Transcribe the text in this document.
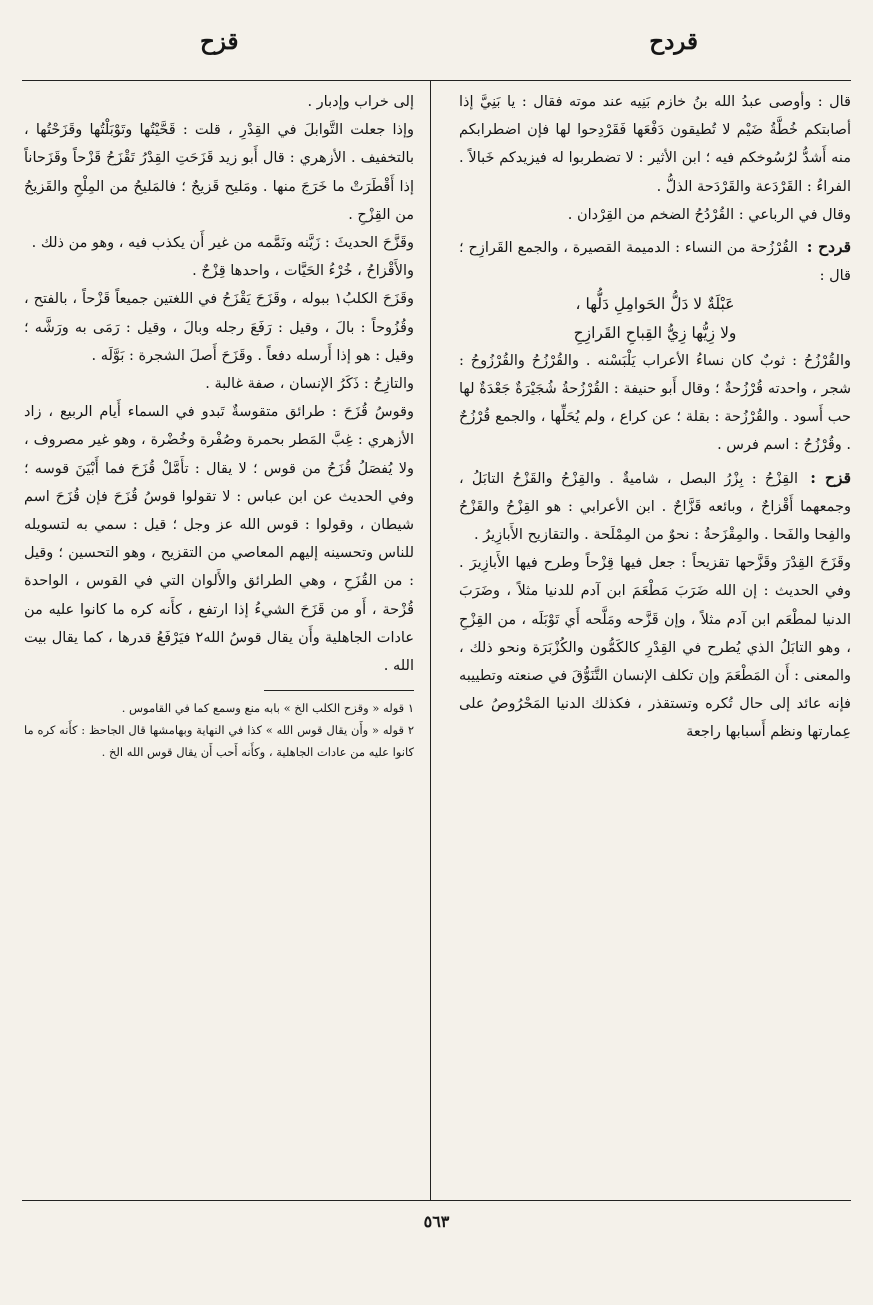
قردح
قزح

قال : وأوصى عبدُ الله بنُ خازم بَنِيه عند موته فقال : يا بَنِيَّ إذا أصابتكم خُطَّةُ ضَيْم لا تُطيقون دَفْعَها فَقَرْدِحوا لها فإن اضطرابكم منه أَشدُّ لرُسُوخكم فيه ؛ ابن الأثير : لا تضطربوا له فيزيدكم خَبالاً . الفراءُ : القَرْدَعة والقَرْدَحة الذلُّ .

وقال في الرباعي : القُرْدُحُ الضخم من القِرْدان .

قردح : القُرْزُحة من النساء : الدميمة القصيرة ، والجمع القَرازِح ؛ قال :

عَبْلَةٌ لا دَلُّ الحَوامِلِ دَلُّها ،

ولا زِيُّها زِيُّ القِباحِ القَرازِحِ

والقُرْزُحُ : ثوبٌ كان نساءُ الأعراب يَلْبَسْنه . والقُرْزُحُ والقُرْزُوحُ : شجر ، واحدته قُرْزُحةٌ ؛ وقال أَبو حنيفة : القُرْزُحةُ شُجَيْرَةٌ جَعْدَةٌ لها حب أَسود . والقُرْزُحة : بقلة ؛ عن كراع ، ولم يُحَلِّها ، والجمع قُرْزُحٌ . وقُرْزُحُ : اسم فرس .

قزح : القِزْحُ : بِزْرُ البصل ، شاميةٌ . والقِزْحُ والقَزْحُ التابَلُ ، وجمعهما أَقْزاحٌ ، وبائعه قَزَّاحٌ . ابن الأعرابي : هو القِزْحُ والقَزْحُ والفِحا والفَحا . والمِقْزَحةُ : نحوٌ من المِمْلَحة . والتقازيح الأَبازِيرُ .

وقَزَحَ القِدْرَ وقَزَّحها تقزيحاً : جعل فيها قِزْحاً وطرح فيها الأَبازِيرَ . وفي الحديث : إن الله ضَرَبَ مَطْعَمَ ابن آدم للدنيا مثلاً ، وضَرَبَ الدنيا لمطْعَم ابن آدم مثلاً ، وإن قَزَّحه ومَلَّحه أَي تَوْبَلَه ، من القِزْحِ ، وهو التابَلُ الذي يُطرح في القِدْرِ كالكَمُّون والكُزْبَرَة ونحو ذلك ، والمعنى : أَن المَطْعَمَ وإن تكلف الإنسان التَّنَوُّقَ في صنعته وتطييبه فإنه عائد إلى حال تُكره وتستقذر ، فكذلك الدنيا المَحْرُوصُ على عِمارتها ونظم أَسبابها راجعة

إلى خراب وإدبار .

وإذا جعلت التَّوابلَ في القِدْرِ ، قلت : قَحَّيْتُها وتَوْبَلْتُها وقَزَحْتُها ، بالتخفيف . الأزهري : قال أَبو زيد قَزَحَتِ القِدْرُ تَقْزَحُ قَزْحاً وقَزَحاناً إذا أَقْطَرَتْ ما خَرَجَ منها . ومَليح قَزيحٌ ؛ فالمَليحُ من المِلْحِ والقَزيحُ من القِزْحِ .

وقَزَّحَ الحديثَ : زَيَّنه ونَمَّمه من غير أَن يكذب فيه ، وهو من ذلك .

والأَقْزاحُ ، خُرْءُ الحَيَّات ، واحدها قِزْحٌ .

وقَزَحَ الكلبُ١ ببوله ، وقَزَحَ يَقْزَحُ في اللغتين جميعاً قَزْحاً ، بالفتح ، وقُزُوحاً : بالَ ، وقيل : رَفَعَ رجله وبالَ ، وقيل : رَمَى به ورَشَّه ؛ وقيل : هو إذا أَرسله دفعاً . وقَزَحَ أَصلَ الشجرة : بَوَّلَه .

والتازِحُ : ذَكَرُ الإنسان ، صفة غالبة .

وقوسُ قُزَحَ : طرائق متقوسةٌ تَبدو في السماء أَيام الربيع ، زاد الأزهري : غِبَّ المَطر بحمرة وصُفْرة وخُضْرة ، وهو غير مصروف ، ولا يُفصَلُ قُزَحُ من قوس ؛ لا يقال : تأَمَّلْ قُزَحَ فما أَبْيَنَ قوسه ؛ وفي الحديث عن ابن عباس : لا تقولوا قوسُ قُزَحَ فإن قُزَحَ اسم شيطان ، وقولوا : قوس الله عز وجل ؛ قيل : سمي به لتسويله للناس وتحسينه إليهم المعاصي من التقزيح ، وهو التحسين ؛ وقيل : من القُزَحِ ، وهي الطرائق والأَلوان التي في القوس ، الواحدة قُزْحة ، أَو من قَزَحَ الشيءُ إذا ارتفع ، كأَنه كره ما كانوا عليه من عادات الجاهلية وأَن يقال قوسُ الله٢ فيَرْفَعُ قدرها ، كما يقال بيت الله .

١ قوله « وقزح الكلب الخ » بابه منع وسمع كما في القاموس .

٢ قوله « وأَن يقال قوس الله » كذا في النهاية وبهامشها قال الجاحظ : كأَنه كره ما كانوا عليه من عادات الجاهلية ، وكأَنه أَحب أَن يقال قوس الله الخ .

٥٦٣
